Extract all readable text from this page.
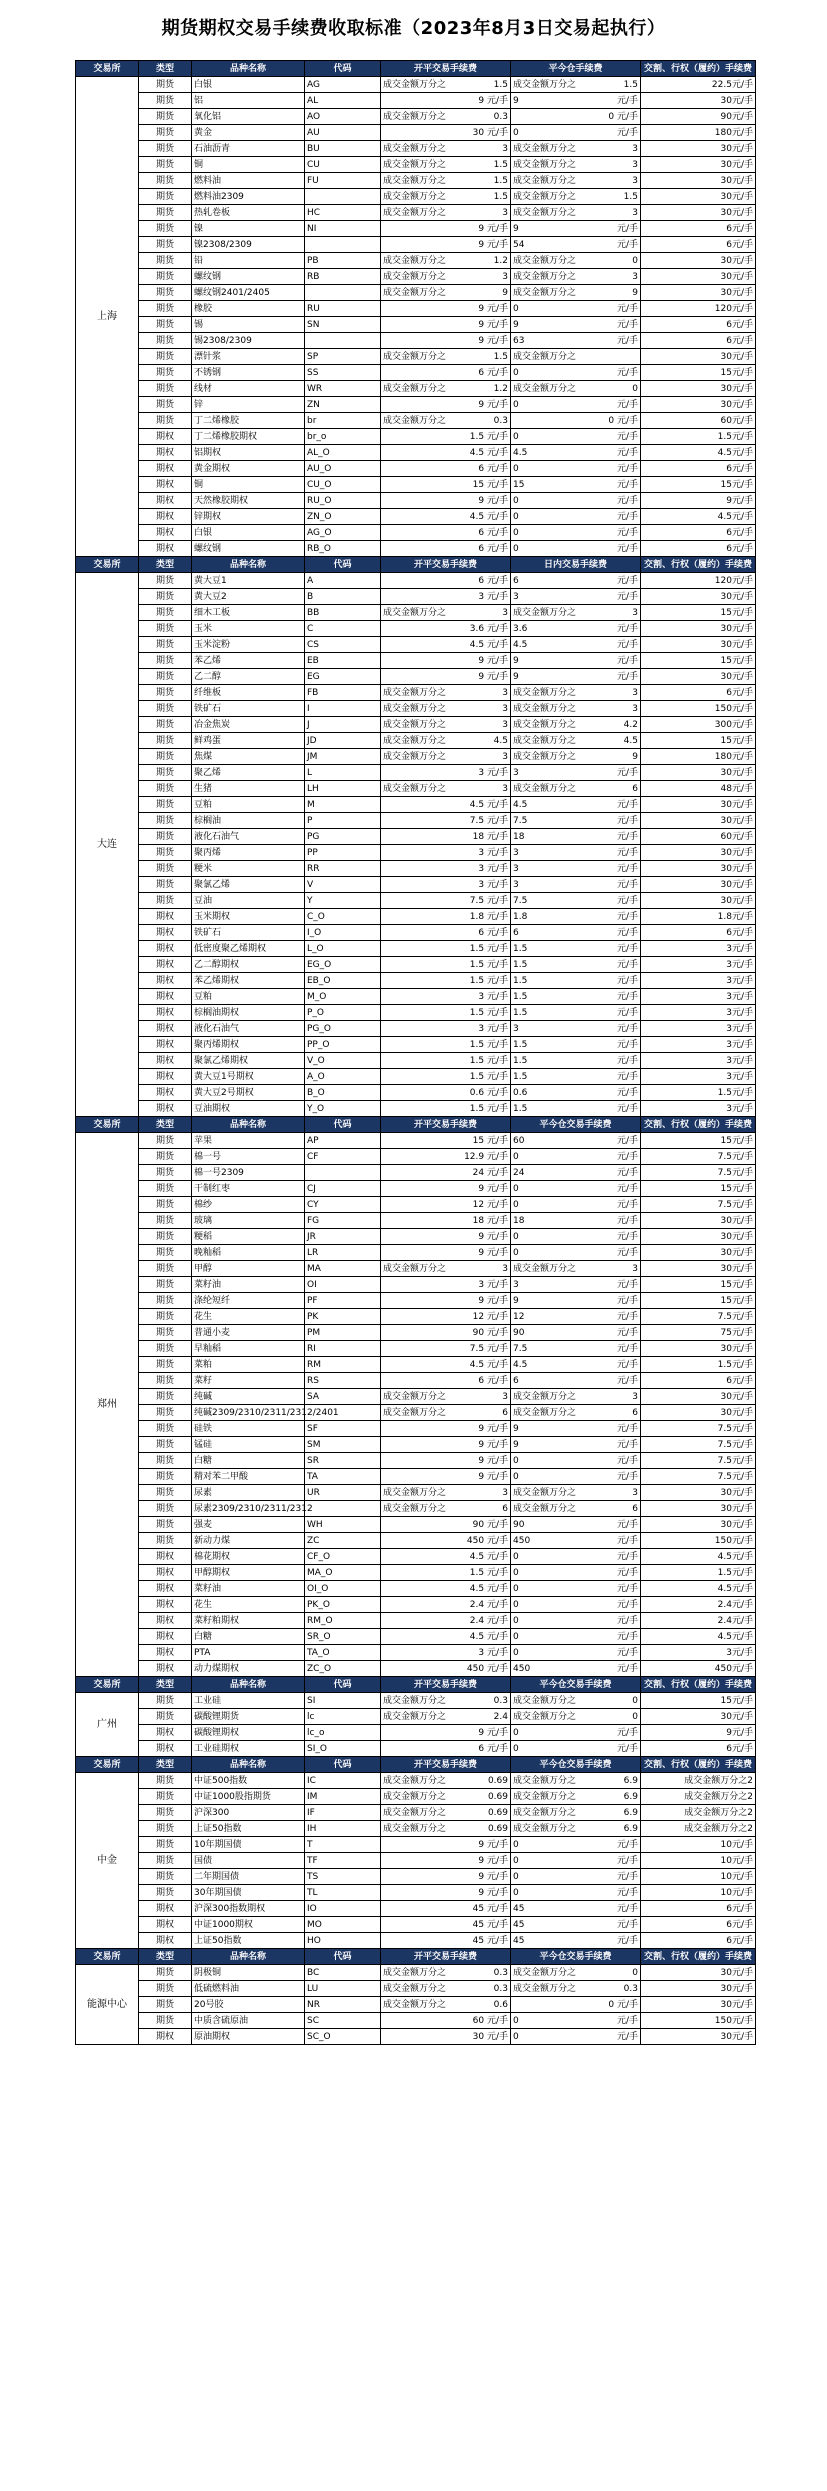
期货期权交易手续费收取标准（2023年8月3日交易起执行）
交易所	类型	品种名称	代码	开平交易手续费	平今仓手续费	交割、行权（履约）手续费
上海	期货	白银	AG	成交金额万分之 1.5	成交金额万分之 1.5	22.5元/手
	期货	铝	AL	9 元/手	9 元/手	30元/手
	期货	氧化铝	AO	成交金额万分之 0.3	0 元/手	90元/手
	期货	黄金	AU	30 元/手	0 元/手	180元/手
	期货	石油沥青	BU	成交金额万分之 3	成交金额万分之 3	30元/手
	期货	铜	CU	成交金额万分之 1.5	成交金额万分之 3	30元/手
	期货	燃料油	FU	成交金额万分之 1.5	成交金额万分之 3	30元/手
	期货	燃料油2309		成交金额万分之 1.5	成交金额万分之 1.5	30元/手
	期货	热轧卷板	HC	成交金额万分之 3	成交金额万分之 3	30元/手
	期货	镍	NI	9 元/手	9 元/手	6元/手
	期货	镍2308/2309		9 元/手	54 元/手	6元/手
	期货	铅	PB	成交金额万分之 1.2	成交金额万分之 0	30元/手
	期货	螺纹钢	RB	成交金额万分之 3	成交金额万分之 3	30元/手
	期货	螺纹钢2401/2405		成交金额万分之 9	成交金额万分之 9	30元/手
	期货	橡胶	RU	9 元/手	0 元/手	120元/手
	期货	锡	SN	9 元/手	9 元/手	6元/手
	期货	锡2308/2309		9 元/手	63 元/手	6元/手
	期货	漂针浆	SP	成交金额万分之 1.5	成交金额万分之	30元/手
	期货	不锈钢	SS	6 元/手	0 元/手	15元/手
	期货	线材	WR	成交金额万分之 1.2	成交金额万分之 0	30元/手
	期货	锌	ZN	9 元/手	0 元/手	30元/手
	期货	丁二烯橡胶	br	成交金额万分之 0.3	0 元/手	60元/手
	期权	丁二烯橡胶期权	br_o	1.5 元/手	0 元/手	1.5元/手
	期权	铝期权	AL_O	4.5 元/手	4.5 元/手	4.5元/手
	期权	黄金期权	AU_O	6 元/手	0 元/手	6元/手
	期权	铜	CU_O	15 元/手	15 元/手	15元/手
	期权	天然橡胶期权	RU_O	9 元/手	0 元/手	9元/手
	期权	锌期权	ZN_O	4.5 元/手	0 元/手	4.5元/手
	期权	白银	AG_O	6 元/手	0 元/手	6元/手
	期权	螺纹钢	RB_O	6 元/手	0 元/手	6元/手
交易所	类型	品种名称	代码	开平交易手续费	日内交易手续费	交割、行权（履约）手续费
大连	期货	黄大豆1	A	6 元/手	6 元/手	120元/手
	期货	黄大豆2	B	3 元/手	3 元/手	30元/手
	期货	细木工板	BB	成交金额万分之 3	成交金额万分之 3	15元/手
	期货	玉米	C	3.6 元/手	3.6 元/手	30元/手
	期货	玉米淀粉	CS	4.5 元/手	4.5 元/手	30元/手
	期货	苯乙烯	EB	9 元/手	9 元/手	15元/手
	期货	乙二醇	EG	9 元/手	9 元/手	30元/手
	期货	纤维板	FB	成交金额万分之 3	成交金额万分之 3	6元/手
	期货	铁矿石	I	成交金额万分之 3	成交金额万分之 3	150元/手
	期货	冶金焦炭	J	成交金额万分之 3	成交金额万分之 4.2	300元/手
	期货	鲜鸡蛋	JD	成交金额万分之 4.5	成交金额万分之 4.5	15元/手
	期货	焦煤	JM	成交金额万分之 3	成交金额万分之 9	180元/手
	期货	聚乙烯	L	3 元/手	3 元/手	30元/手
	期货	生猪	LH	成交金额万分之 3	成交金额万分之 6	48元/手
	期货	豆粕	M	4.5 元/手	4.5 元/手	30元/手
	期货	棕榈油	P	7.5 元/手	7.5 元/手	30元/手
	期货	液化石油气	PG	18 元/手	18 元/手	60元/手
	期货	聚丙烯	PP	3 元/手	3 元/手	30元/手
	期货	粳米	RR	3 元/手	3 元/手	30元/手
	期货	聚氯乙烯	V	3 元/手	3 元/手	30元/手
	期货	豆油	Y	7.5 元/手	7.5 元/手	30元/手
	期权	玉米期权	C_O	1.8 元/手	1.8 元/手	1.8元/手
	期权	铁矿石	I_O	6 元/手	6 元/手	6元/手
	期权	低密度聚乙烯期权	L_O	1.5 元/手	1.5 元/手	3元/手
	期权	乙二醇期权	EG_O	1.5 元/手	1.5 元/手	3元/手
	期权	苯乙烯期权	EB_O	1.5 元/手	1.5 元/手	3元/手
	期权	豆粕	M_O	3 元/手	1.5 元/手	3元/手
	期权	棕榈油期权	P_O	1.5 元/手	1.5 元/手	3元/手
	期权	液化石油气	PG_O	3 元/手	3 元/手	3元/手
	期权	聚丙烯期权	PP_O	1.5 元/手	1.5 元/手	3元/手
	期权	聚氯乙烯期权	V_O	1.5 元/手	1.5 元/手	3元/手
	期权	黄大豆1号期权	A_O	1.5 元/手	1.5 元/手	3元/手
	期权	黄大豆2号期权	B_O	0.6 元/手	0.6 元/手	1.5元/手
	期权	豆油期权	Y_O	1.5 元/手	1.5 元/手	3元/手
交易所	类型	品种名称	代码	开平交易手续费	平今仓交易手续费	交割、行权（履约）手续费
郑州	期货	苹果	AP	15 元/手	60 元/手	15元/手
	期货	棉一号	CF	12.9 元/手	0 元/手	7.5元/手
	期货	棉一号2309		24 元/手	24 元/手	7.5元/手
	期货	干制红枣	CJ	9 元/手	0 元/手	15元/手
	期货	棉纱	CY	12 元/手	0 元/手	7.5元/手
	期货	玻璃	FG	18 元/手	18 元/手	30元/手
	期货	粳稻	JR	9 元/手	0 元/手	30元/手
	期货	晚籼稻	LR	9 元/手	0 元/手	30元/手
	期货	甲醇	MA	成交金额万分之 3	成交金额万分之 3	30元/手
	期货	菜籽油	OI	3 元/手	3 元/手	15元/手
	期货	涤纶短纤	PF	9 元/手	9 元/手	15元/手
	期货	花生	PK	12 元/手	12 元/手	7.5元/手
	期货	普通小麦	PM	90 元/手	90 元/手	75元/手
	期货	早籼稻	RI	7.5 元/手	7.5 元/手	30元/手
	期货	菜粕	RM	4.5 元/手	4.5 元/手	1.5元/手
	期货	菜籽	RS	6 元/手	6 元/手	6元/手
	期货	纯碱	SA	成交金额万分之 3	成交金额万分之 3	30元/手
	期货	纯碱2309/2310/2311/2312/2401		成交金额万分之 6	成交金额万分之 6	30元/手
	期货	硅铁	SF	9 元/手	9 元/手	7.5元/手
	期货	锰硅	SM	9 元/手	9 元/手	7.5元/手
	期货	白糖	SR	9 元/手	0 元/手	7.5元/手
	期货	精对苯二甲酸	TA	9 元/手	0 元/手	7.5元/手
	期货	尿素	UR	成交金额万分之 3	成交金额万分之 3	30元/手
	期货	尿素2309/2310/2311/2312		成交金额万分之 6	成交金额万分之 6	30元/手
	期货	强麦	WH	90 元/手	90 元/手	30元/手
	期货	新动力煤	ZC	450 元/手	450 元/手	150元/手
	期权	棉花期权	CF_O	4.5 元/手	0 元/手	4.5元/手
	期权	甲醇期权	MA_O	1.5 元/手	0 元/手	1.5元/手
	期权	菜籽油	OI_O	4.5 元/手	0 元/手	4.5元/手
	期权	花生	PK_O	2.4 元/手	0 元/手	2.4元/手
	期权	菜籽粕期权	RM_O	2.4 元/手	0 元/手	2.4元/手
	期权	白糖	SR_O	4.5 元/手	0 元/手	4.5元/手
	期权	PTA	TA_O	3 元/手	0 元/手	3元/手
	期权	动力煤期权	ZC_O	450 元/手	450 元/手	450元/手
交易所	类型	品种名称	代码	开平交易手续费	平今仓交易手续费	交割、行权（履约）手续费
广州	期货	工业硅	SI	成交金额万分之 0.3	成交金额万分之 0	15元/手
	期货	碳酸锂期货	lc	成交金额万分之 2.4	成交金额万分之 0	30元/手
	期权	碳酸锂期权	lc_o	9 元/手	0 元/手	9元/手
	期权	工业硅期权	SI_O	6 元/手	0 元/手	6元/手
交易所	类型	品种名称	代码	开平交易手续费	平今仓交易手续费	交割、行权（履约）手续费
中金	期货	中证500指数	IC	成交金额万分之 0.69	成交金额万分之 6.9	成交金额万分之2
	期货	中证1000股指期货	IM	成交金额万分之 0.69	成交金额万分之 6.9	成交金额万分之2
	期货	沪深300	IF	成交金额万分之 0.69	成交金额万分之 6.9	成交金额万分之2
	期货	上证50指数	IH	成交金额万分之 0.69	成交金额万分之 6.9	成交金额万分之2
	期货	10年期国债	T	9 元/手	0 元/手	10元/手
	期货	国债	TF	9 元/手	0 元/手	10元/手
	期货	二年期国债	TS	9 元/手	0 元/手	10元/手
	期货	30年期国债	TL	9 元/手	0 元/手	10元/手
	期权	沪深300指数期权	IO	45 元/手	45 元/手	6元/手
	期权	中证1000期权	MO	45 元/手	45 元/手	6元/手
	期权	上证50指数	HO	45 元/手	45 元/手	6元/手
交易所	类型	品种名称	代码	开平交易手续费	平今仓交易手续费	交割、行权（履约）手续费
能源中心	期货	阴极铜	BC	成交金额万分之 0.3	成交金额万分之 0	30元/手
	期货	低硫燃料油	LU	成交金额万分之 0.3	成交金额万分之 0.3	30元/手
	期货	20号胶	NR	成交金额万分之 0.6	0 元/手	30元/手
	期货	中质含硫原油	SC	60 元/手	0 元/手	150元/手
	期权	原油期权	SC_O	30 元/手	0 元/手	30元/手
